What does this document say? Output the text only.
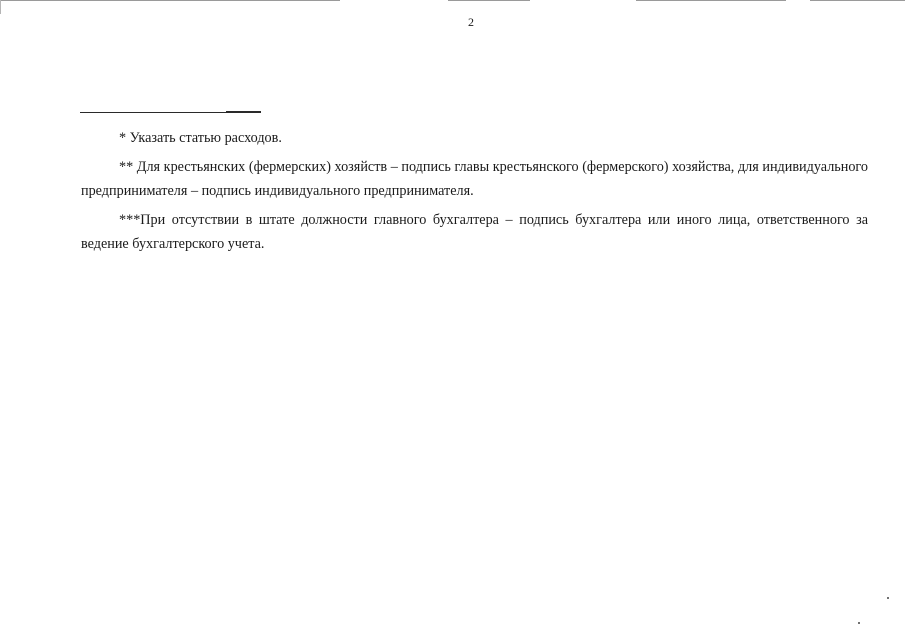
2

* Указать статью расходов.

** Для крестьянских (фермерских) хозяйств – подпись главы крестьянского (фермерского) хозяйства, для индивидуального предпринимателя – подпись индивидуального предпринимателя.

***При отсутствии в штате должности главного бухгалтера – подпись бухгалтера или иного лица, ответственного за ведение бухгалтерского учета.
